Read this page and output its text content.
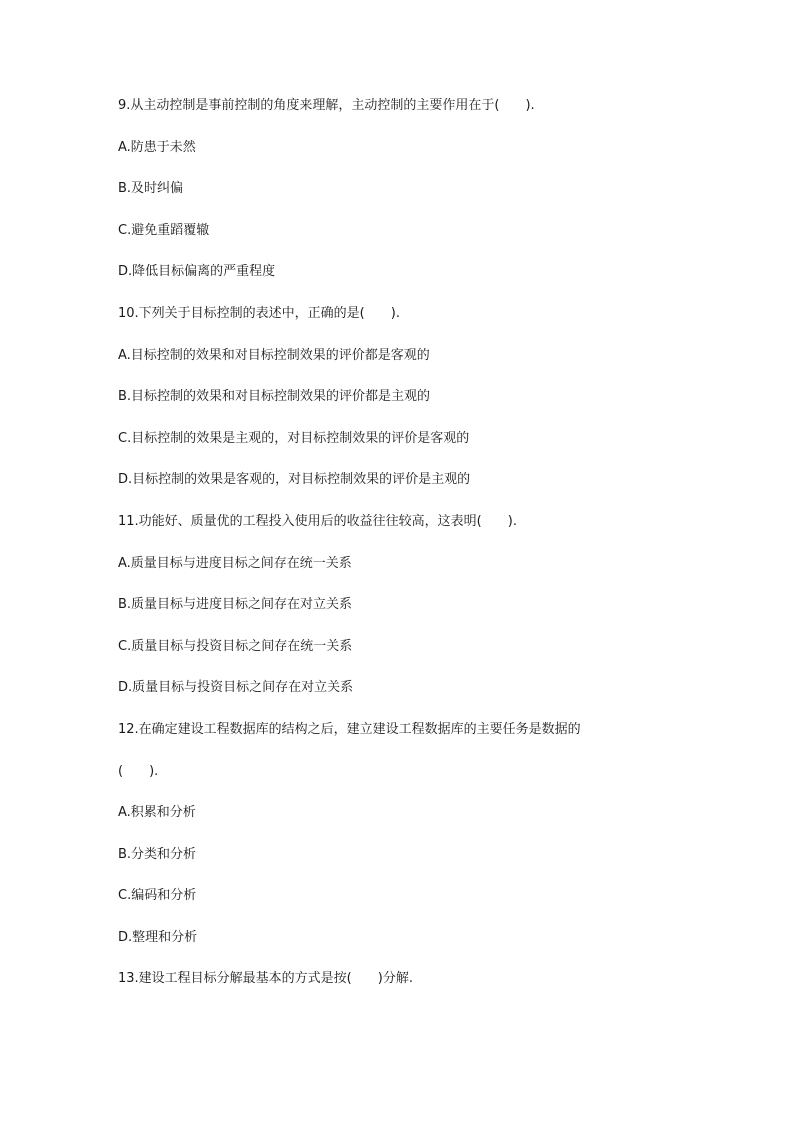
9.从主动控制是事前控制的角度来理解，主动控制的主要作用在于(　　).
A.防患于未然
B.及时纠偏
C.避免重蹈覆辙
D.降低目标偏离的严重程度
10.下列关于目标控制的表述中，正确的是(　　).
A.目标控制的效果和对目标控制效果的评价都是客观的
B.目标控制的效果和对目标控制效果的评价都是主观的
C.目标控制的效果是主观的，对目标控制效果的评价是客观的
D.目标控制的效果是客观的，对目标控制效果的评价是主观的
11.功能好、质量优的工程投入使用后的收益往往较高，这表明(　　).
A.质量目标与进度目标之间存在统一关系
B.质量目标与进度目标之间存在对立关系
C.质量目标与投资目标之间存在统一关系
D.质量目标与投资目标之间存在对立关系
12.在确定建设工程数据库的结构之后，建立建设工程数据库的主要任务是数据的
(　　).
A.积累和分析
B.分类和分析
C.编码和分析
D.整理和分析
13.建设工程目标分解最基本的方式是按(　　)分解.
